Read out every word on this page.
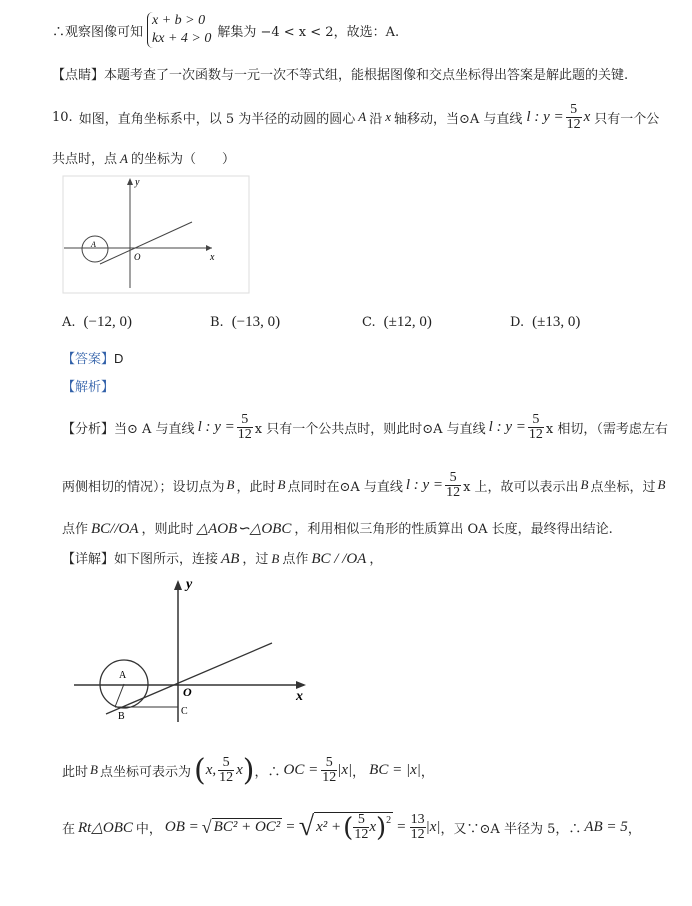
∴观察图像可知
x + b > 0
kx + 4 > 0 解集为 −4 < x < 2 ，故选：A.
【点睛】本题考查了一次函数与一元一次不等式组，能根据图像和交点坐标得出答案是解此题的关键.
10. 如图，直角坐标系中，以 5 为半径的动圆的圆心 A 沿 x 轴移动，当⊙A 与直线 l : $y = \frac{5}{12}$ x 只有一个公
共点时，点 A 的坐标为（　　）
A
y
x
O
A. (−12, 0)	B. (−13, 0)	C. (±12, 0)	D. (±13, 0)
【答案】D
【解析】
【分析】 当⊙ A 与直线 l : $y = \frac{5}{12}$ x 只有一个公共点时，则此时⊙A 与直线 l : $y = \frac{5}{12}$ x 相切，（需考虑左右
两侧相切的情况）；设切点为 B ，此时 B 点同时在⊙A 与直线 l : $y = \frac{5}{12}$ x 上，故可以表示出 B 点坐标，过 B
点作 BC//OA ，则此时 △AOB∽△OBC ，利用相似三角形的性质算出 OA 长度，最终得出结论.
【详解】如下图所示，连接 AB ，过 B 点作 BC / /OA ，
A
B	C
O
y
x
此时 B 点坐标可表示为 ( x, $\frac{5}{12}$ x ) ，∴ OC = $\frac{5}{12} |x|$ ， BC = |x| ，
在 Rt△OBC 中， OB = √ BC² + OC² = √ x² + ( $\frac{5}{12}$ x ) $2 = \frac{13}{12} |x|$ ，又∵⊙A 半径为 5，∴ AB = 5 ，
